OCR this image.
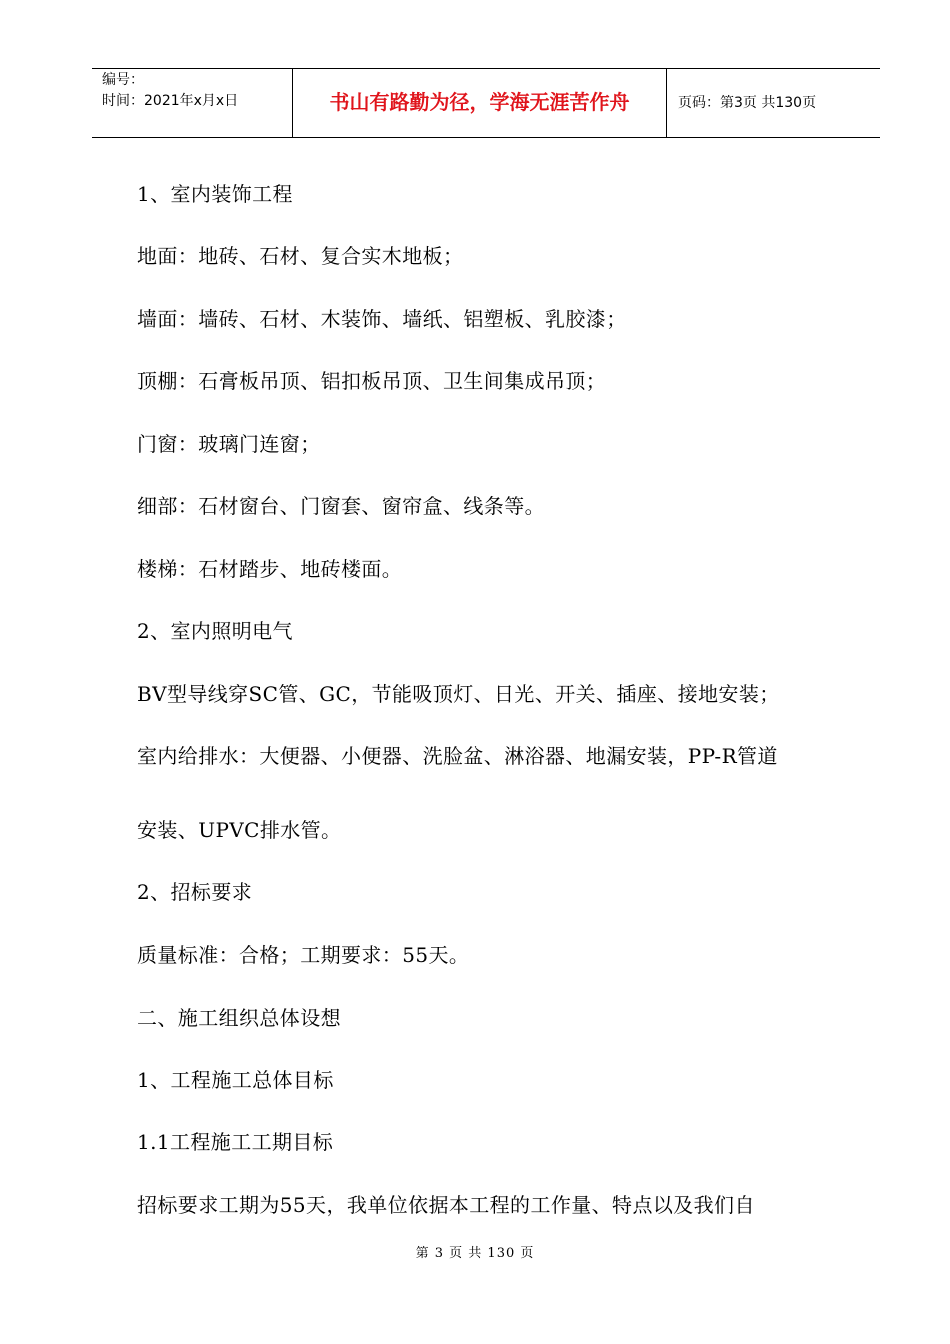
编号：
时间：2021年x月x日	书山有路勤为径，学海无涯苦作舟	页码：第3页 共130页
1、室内装饰工程
地面：地砖、石材、复合实木地板；
墙面：墙砖、石材、木装饰、墙纸、铝塑板、乳胶漆；
顶棚：石膏板吊顶、铝扣板吊顶、卫生间集成吊顶；
门窗：玻璃门连窗；
细部：石材窗台、门窗套、窗帘盒、线条等。
楼梯：石材踏步、地砖楼面。
2、室内照明电气
BV型导线穿SC管、GC，节能吸顶灯、日光、开关、插座、接地安装；
室内给排水：大便器、小便器、洗脸盆、淋浴器、地漏安装，PP-R管道
安装、UPVC排水管。
2、招标要求
质量标准：合格；工期要求：55天。
二、施工组织总体设想
1、工程施工总体目标
1.1工程施工工期目标
招标要求工期为55天，我单位依据本工程的工作量、特点以及我们自
第 3 页 共 130 页
